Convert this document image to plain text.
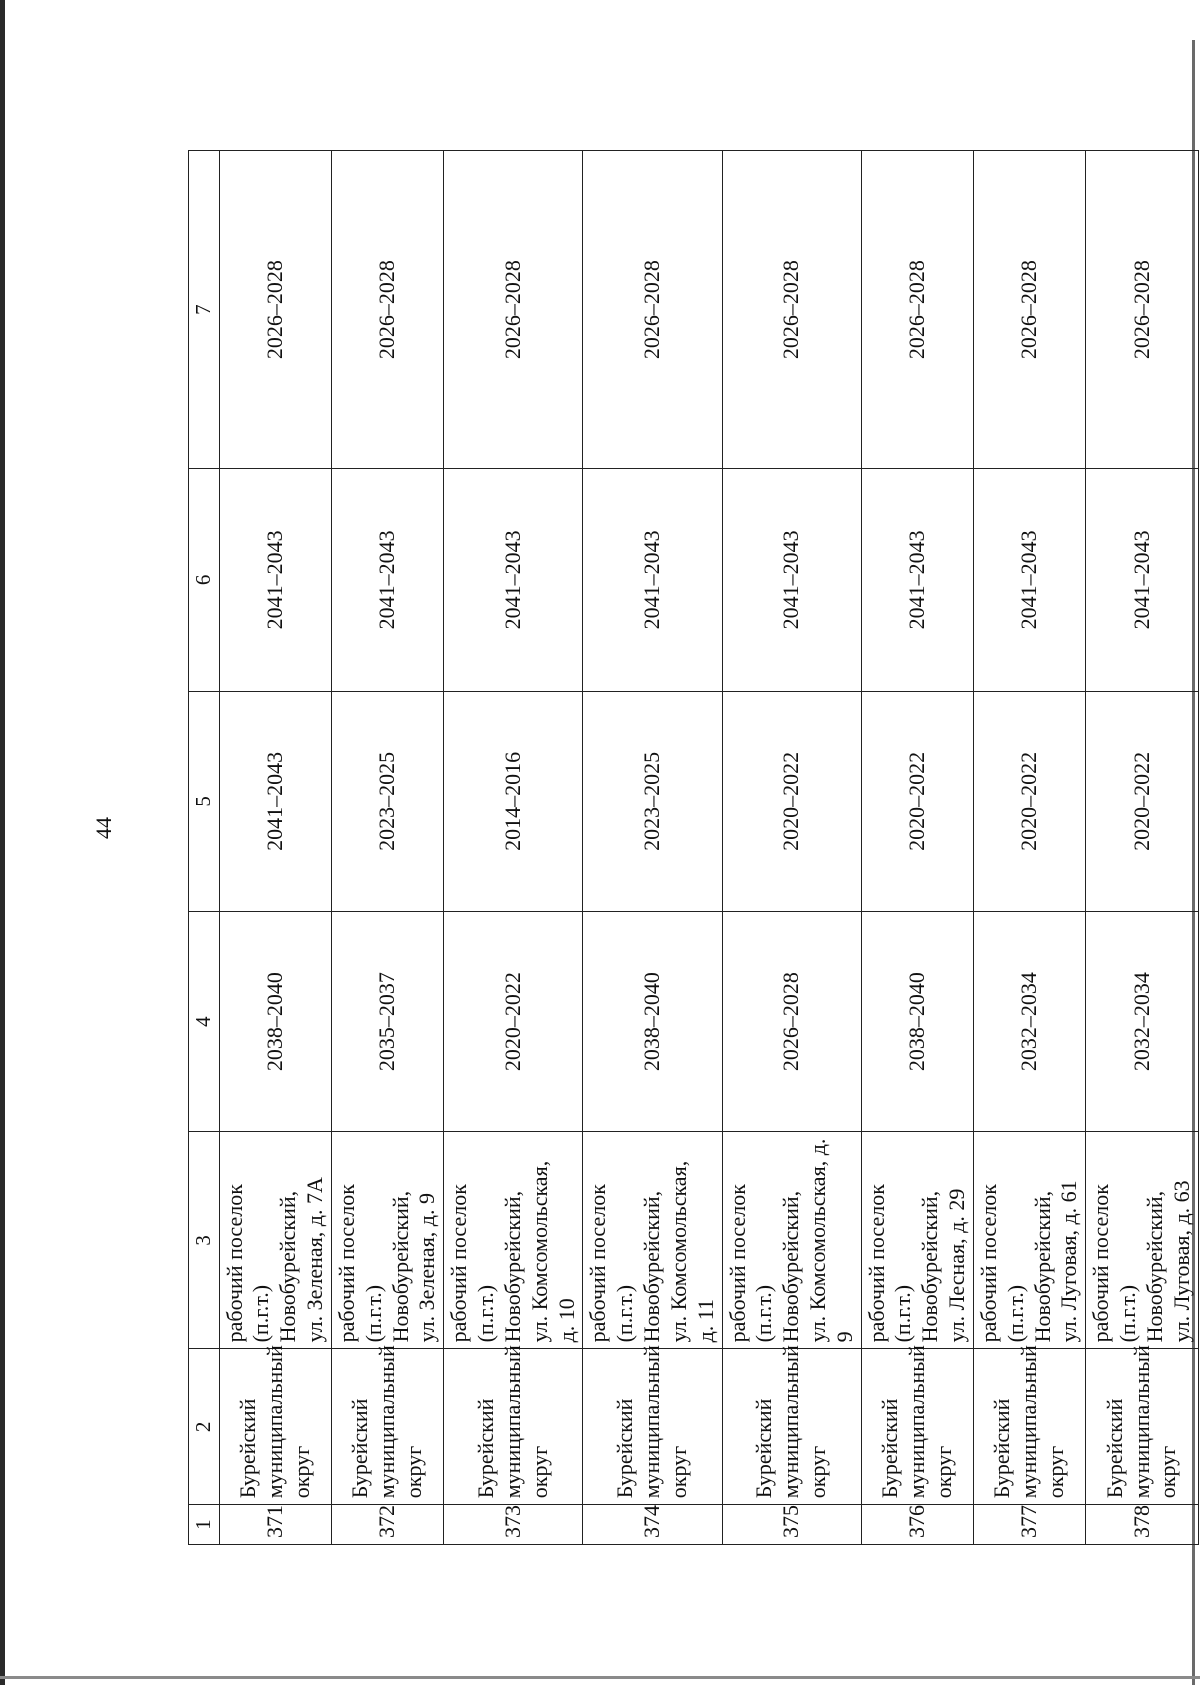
44
1	2	3	4	5	6	7
371	Бурейский муниципальный округ	рабочий поселок (п.г.т.) Новобурейский, ул. Зеленая, д. 7А	2038–2040	2041–2043	2041–2043	2026–2028
372	Бурейский муниципальный округ	рабочий поселок (п.г.т.) Новобурейский, ул. Зеленая, д. 9	2035–2037	2023–2025	2041–2043	2026–2028
373	Бурейский муниципальный округ	рабочий поселок (п.г.т.) Новобурейский, ул. Комсомольская, д. 10	2020–2022	2014–2016	2041–2043	2026–2028
374	Бурейский муниципальный округ	рабочий поселок (п.г.т.) Новобурейский, ул. Комсомольская, д. 11	2038–2040	2023–2025	2041–2043	2026–2028
375	Бурейский муниципальный округ	рабочий поселок (п.г.т.) Новобурейский, ул. Комсомольская, д. 9	2026–2028	2020–2022	2041–2043	2026–2028
376	Бурейский муниципальный округ	рабочий поселок (п.г.т.) Новобурейский, ул. Лесная, д. 29	2038–2040	2020–2022	2041–2043	2026–2028
377	Бурейский муниципальный округ	рабочий поселок (п.г.т.) Новобурейский, ул. Луговая, д. 61	2032–2034	2020–2022	2041–2043	2026–2028
378	Бурейский муниципальный округ	рабочий поселок (п.г.т.) Новобурейский, ул. Луговая, д. 63	2032–2034	2020–2022	2041–2043	2026–2028
